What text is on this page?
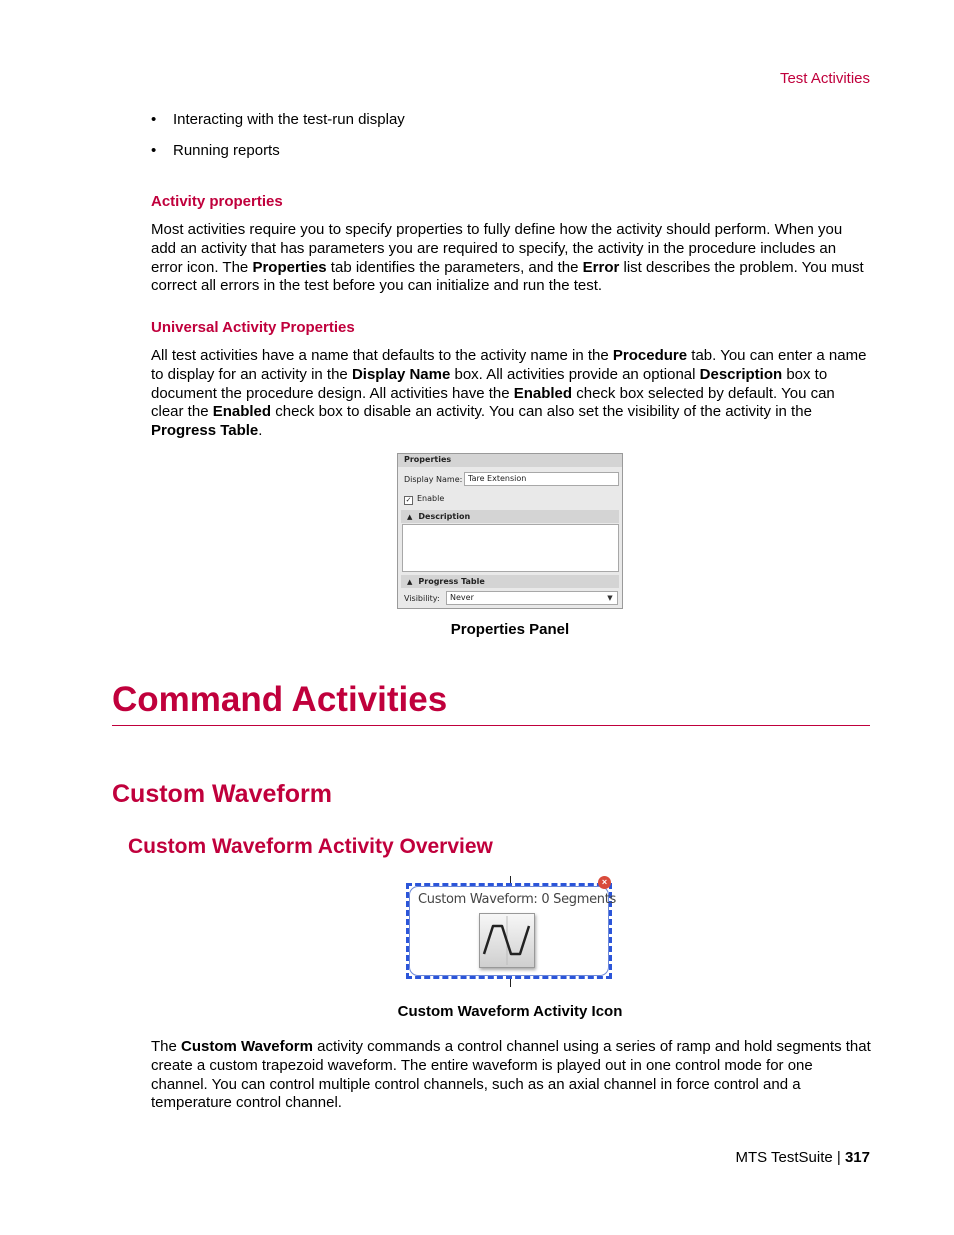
Test Activities
• Interacting with the test-run display
• Running reports
Activity properties
Most activities require you to specify properties to fully define how the activity should perform. When you add an activity that has parameters you are required to specify, the activity in the procedure includes an error icon. The Properties tab identifies the parameters, and the Error list describes the problem. You must correct all errors in the test before you can initialize and run the test.
Universal Activity Properties
All test activities have a name that defaults to the activity name in the Procedure tab. You can enter a name to display for an activity in the Display Name box. All activities provide an optional Description box to document the procedure design. All activities have the Enabled check box selected by default. You can clear the Enabled check box to disable an activity. You can also set the visibility of the activity in the Progress Table.
Properties
Display Name: Tare Extension
✓ Enable
▲ Description
▲ Progress Table
Visibility:	Never	▼
Properties Panel
Command Activities
Custom Waveform
Custom Waveform Activity Overview
Custom Waveform: 0 Segments
×
Custom Waveform Activity Icon
The Custom Waveform activity commands a control channel using a series of ramp and hold segments that create a custom trapezoid waveform. The entire waveform is played out in one control mode for one channel. You can control multiple control channels, such as an axial channel in force control and a temperature control channel.
MTS TestSuite | 317
